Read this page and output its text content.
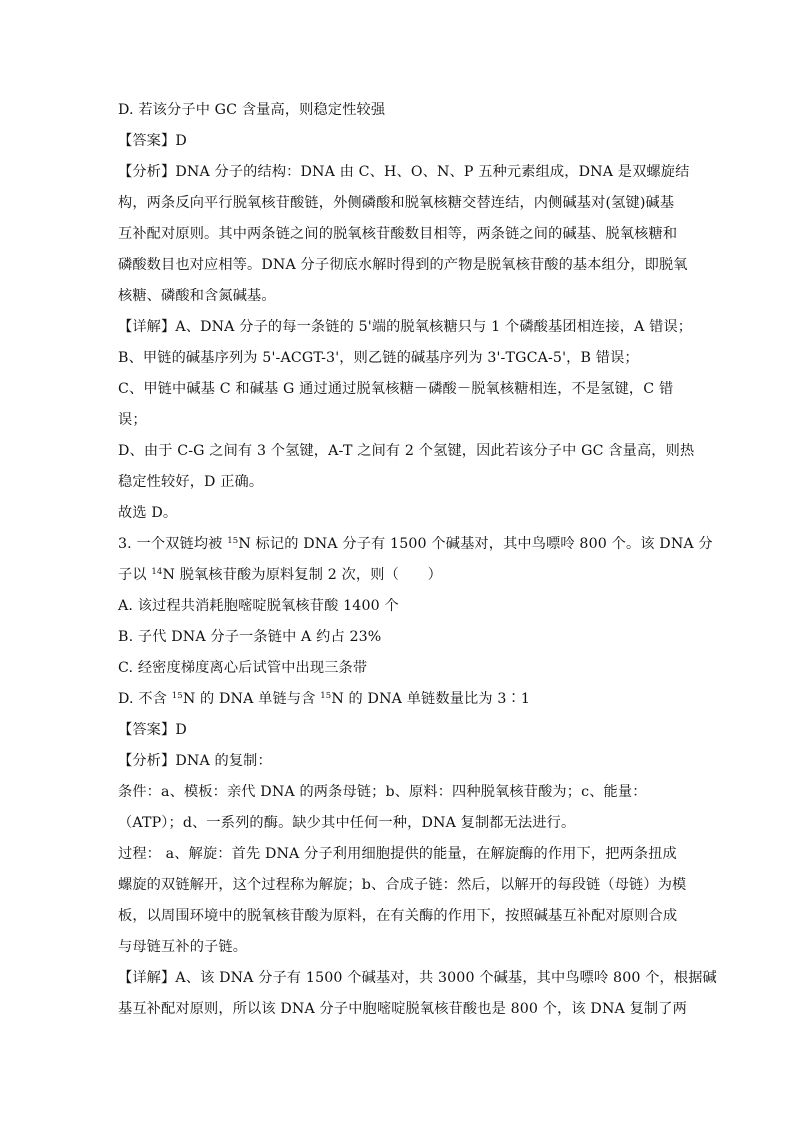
D. 若该分子中 GC 含量高，则稳定性较强

【答案】D

【分析】DNA 分子的结构：DNA 由 C、H、O、N、P 五种元素组成，DNA 是双螺旋结

构，两条反向平行脱氧核苷酸链，外侧磷酸和脱氧核糖交替连结，内侧碱基对(氢键)碱基

互补配对原则。其中两条链之间的脱氧核苷酸数目相等，两条链之间的碱基、脱氧核糖和

磷酸数目也对应相等。DNA 分子彻底水解时得到的产物是脱氧核苷酸的基本组分，即脱氧

核糖、磷酸和含氮碱基。

【详解】A、DNA 分子的每一条链的 5'端的脱氧核糖只与 1 个磷酸基团相连接，A 错误；

B、甲链的碱基序列为 5'-ACGT-3'，则乙链的碱基序列为 3'-TGCA-5'，B 错误；

C、甲链中碱基 C 和碱基 G 通过通过脱氧核糖－磷酸－脱氧核糖相连，不是氢键，C 错

误；

D、由于 C-G 之间有 3 个氢键，A-T 之间有 2 个氢键，因此若该分子中 GC 含量高，则热

稳定性较好，D 正确。

故选 D。

3. 一个双链均被 $^{15}$N 标记的 DNA 分子有 1500 个碱基对，其中鸟嘌呤 800 个。该 DNA 分

子以 $^{14}$N 脱氧核苷酸为原料复制 2 次，则（　　）

A. 该过程共消耗胞嘧啶脱氧核苷酸 1400 个

B. 子代 DNA 分子一条链中 A 约占 23%

C. 经密度梯度离心后试管中出现三条带

D. 不含 $^{15}$N 的 DNA 单链与含 $^{15}$N 的 DNA 单链数量比为 3∶1

【答案】D

【分析】DNA 的复制：

条件：a、模板：亲代 DNA 的两条母链；b、原料：四种脱氧核苷酸为；c、能量：

（ATP）；d、一系列的酶。缺少其中任何一种，DNA 复制都无法进行。

过程： a、解旋：首先 DNA 分子利用细胞提供的能量，在解旋酶的作用下，把两条扭成

螺旋的双链解开，这个过程称为解旋；b、合成子链：然后，以解开的每段链（母链）为模

板，以周围环境中的脱氧核苷酸为原料，在有关酶的作用下，按照碱基互补配对原则合成

与母链互补的子链。

【详解】A、该 DNA 分子有 1500 个碱基对，共 3000 个碱基，其中鸟嘌呤 800 个，根据碱

基互补配对原则，所以该 DNA 分子中胞嘧啶脱氧核苷酸也是 800 个，该 DNA 复制了两
